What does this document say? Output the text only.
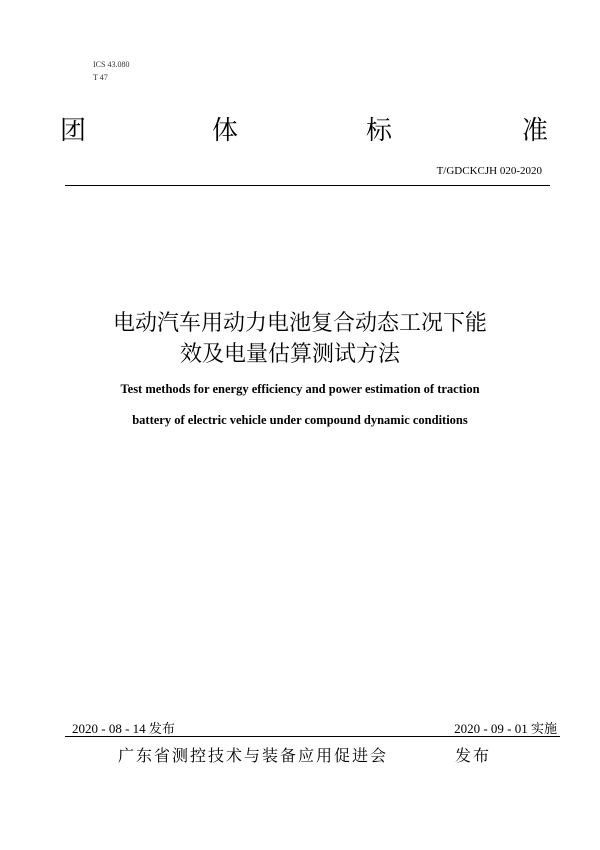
ICS 43.080
T 47
团	体	标	准
T/GDCKCJH 020-2020
电动汽车用动力电池复合动态工况下能
效及电量估算测试方法
Test methods for energy efficiency and power estimation of traction
battery of electric vehicle under compound dynamic conditions
2020 - 08 - 14 发布	2020 - 09 - 01 实施
广东省测控技术与装备应用促进会	发布
